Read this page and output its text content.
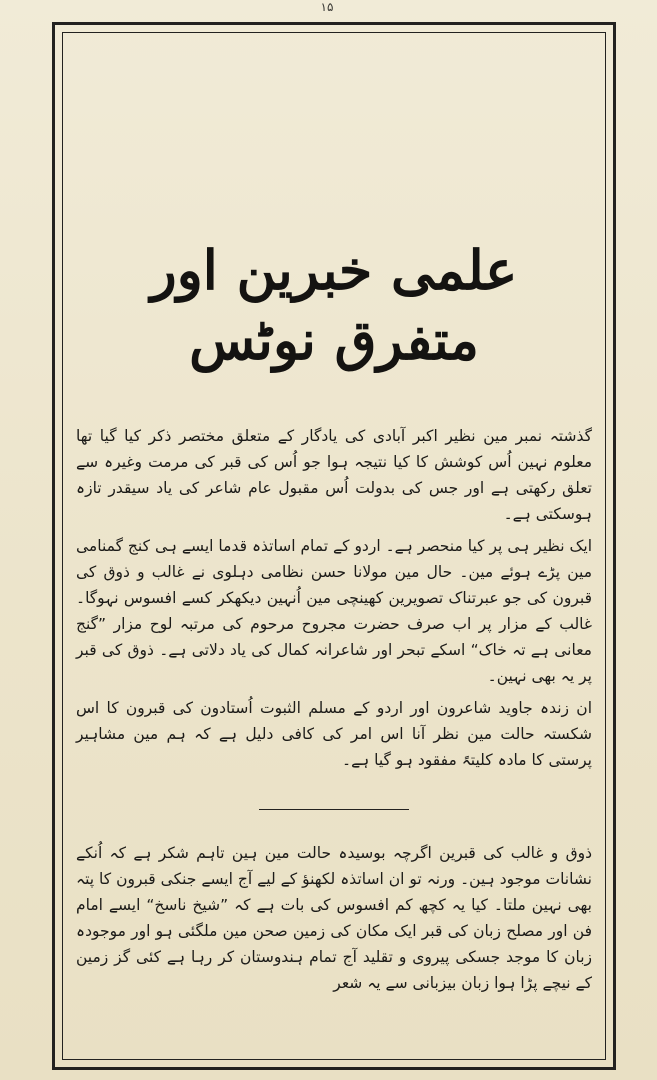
۱۵
علمی خبرین اور متفرق نوٹس

گذشتہ نمبر مین نظیر اکبر آبادی کی یادگار کے متعلق مختصر ذکر کیا گیا تھا معلوم نہین اُس کوشش کا کیا نتیجہ ہوا جو اُس کی قبر کی مرمت وغیرہ سے تعلق رکھتی ہے اور جس کی بدولت اُس مقبول عام شاعر کی یاد سیقدر تازہ ہوسکتی ہے۔

ایک نظیر ہی پر کیا منحصر ہے۔ اردو کے تمام اساتذہ قدما ایسے ہی کنج گمنامی مین پڑے ہوئے مین۔ حال مین مولانا حسن نظامی دہلوی نے غالب و ذوق کی قبرون کی جو عبرتناک تصویرین کھینچی مین اُنہین دیکھکر کسے افسوس نہوگا۔ غالب کے مزار پر اب صرف حضرت مجروح مرحوم کی مرتبہ لوح مزار ”گنج معانی ہے تہ خاک“ اسکے تبحر اور شاعرانہ کمال کی یاد دلاتی ہے۔ ذوق کی قبر پر یہ بھی نہین۔

ان زندہ جاوید شاعرون اور اردو کے مسلم الثبوت اُستادون کی قبرون کا اس شکستہ حالت مین نظر آنا اس امر کی کافی دلیل ہے کہ ہم مین مشاہیر پرستی کا مادہ کلیتہً مفقود ہو گیا ہے۔

ذوق و غالب کی قبرین اگرچہ بوسیدہ حالت مین ہین تاہم شکر ہے کہ اُنکے نشانات موجود ہین۔ ورنہ تو ان اساتذہ لکھنؤ کے لیے آج ایسے جنکی قبرون کا پتہ بھی نہین ملتا۔ کیا یہ کچھ کم افسوس کی بات ہے کہ ”شیخ ناسخ“ ایسے امام فن اور مصلح زبان کی قبر ایک مکان کی زمین صحن مین ملگئی ہو اور موجودہ زبان کا موجد جسکی پیروی و تقلید آج تمام ہندوستان کر رہا ہے کئی گز زمین کے نیچے پڑا ہوا زبان بیزبانی سے یہ شعر
